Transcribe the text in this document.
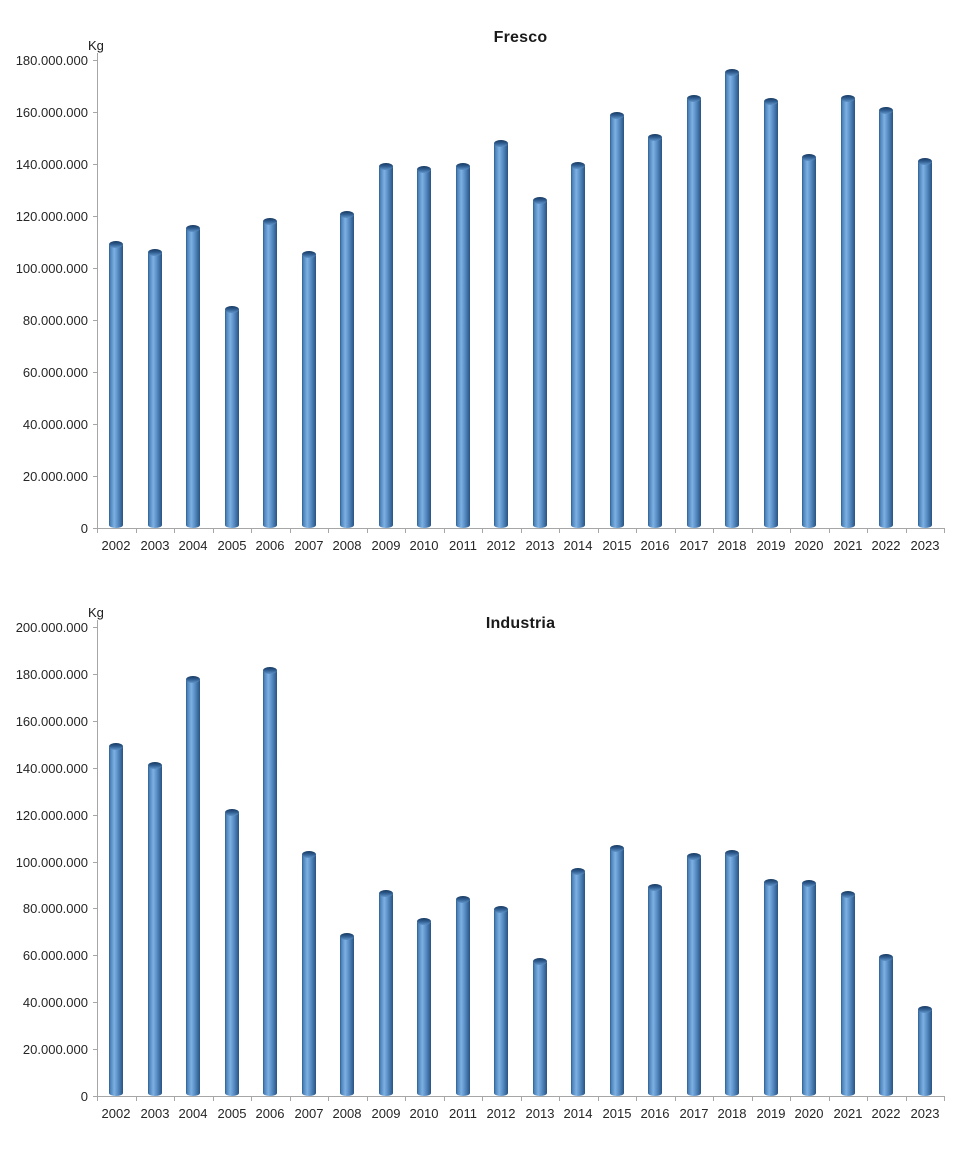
Fresco
Kg
0
20.000.000
40.000.000
60.000.000
80.000.000
100.000.000
120.000.000
140.000.000
160.000.000
180.000.000
2002 2003 2004 2005 2006 2007 2008 2009 2010 2011 2012 2013 2014 2015 2016 2017 2018 2019 2020 2021 2022 2023
Industria
Kg
0
20.000.000
40.000.000
60.000.000
80.000.000
100.000.000
120.000.000
140.000.000
160.000.000
180.000.000
200.000.000
2002 2003 2004 2005 2006 2007 2008 2009 2010 2011 2012 2013 2014 2015 2016 2017 2018 2019 2020 2021 2022 2023
